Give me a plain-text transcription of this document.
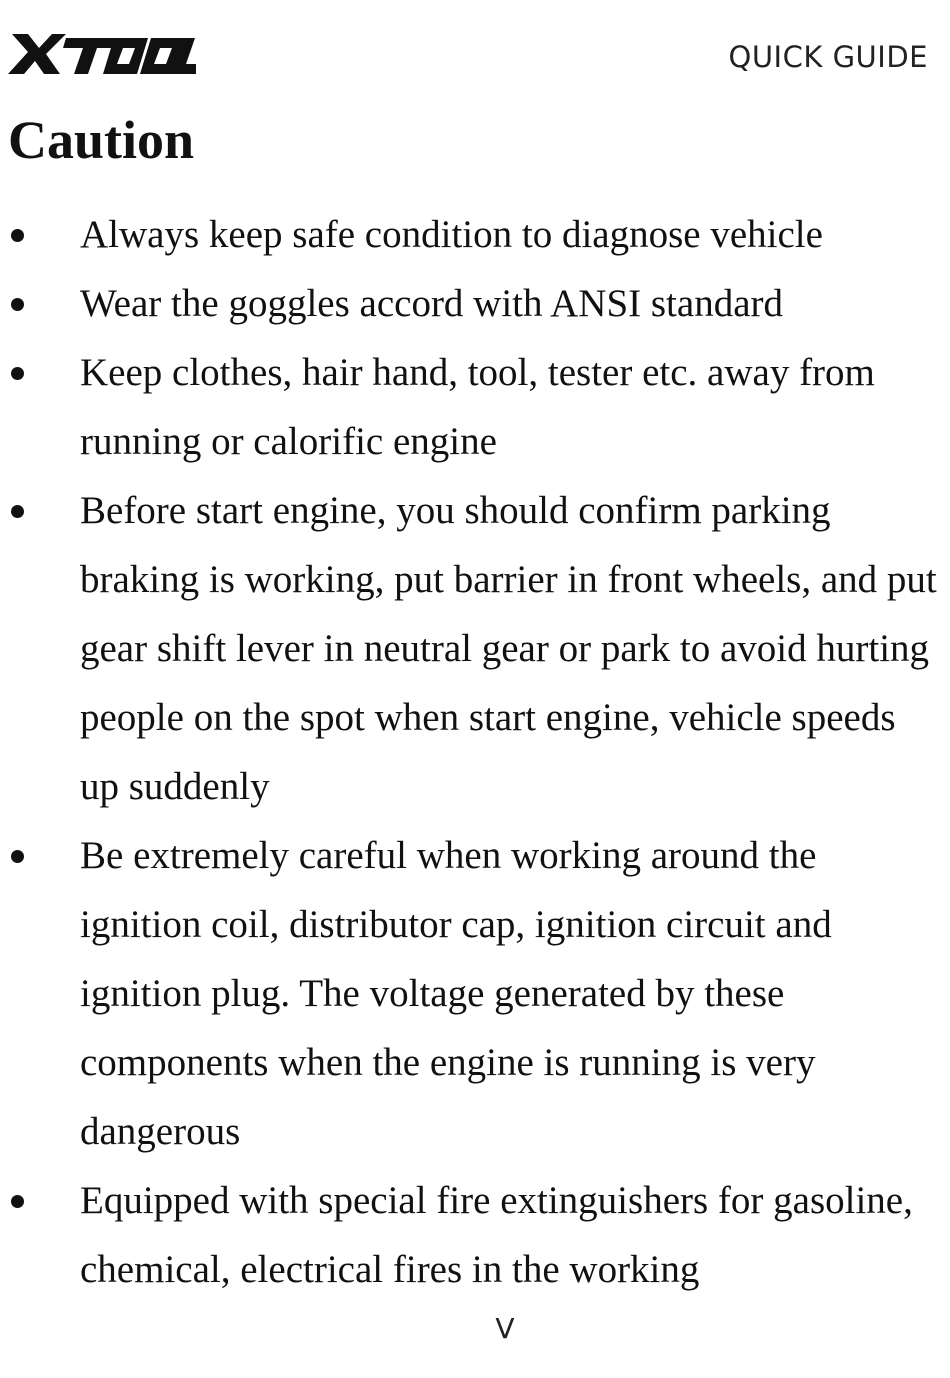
QUICK GUIDE
Caution
Always keep safe condition to diagnose vehicle
Wear the goggles accord with ANSI standard
Keep clothes, hair hand, tool, tester etc. away from running or calorific engine
Before start engine, you should confirm parking braking is working, put barrier in front wheels, and put gear shift lever in neutral gear or park to avoid hurting people on the spot when start engine, vehicle speeds up suddenly
Be extremely careful when working around the ignition coil, distributor cap, ignition circuit and ignition plug. The voltage generated by these components when the engine is running is very dangerous
Equipped with special fire extinguishers for gasoline, chemical, electrical fires in the working
V
